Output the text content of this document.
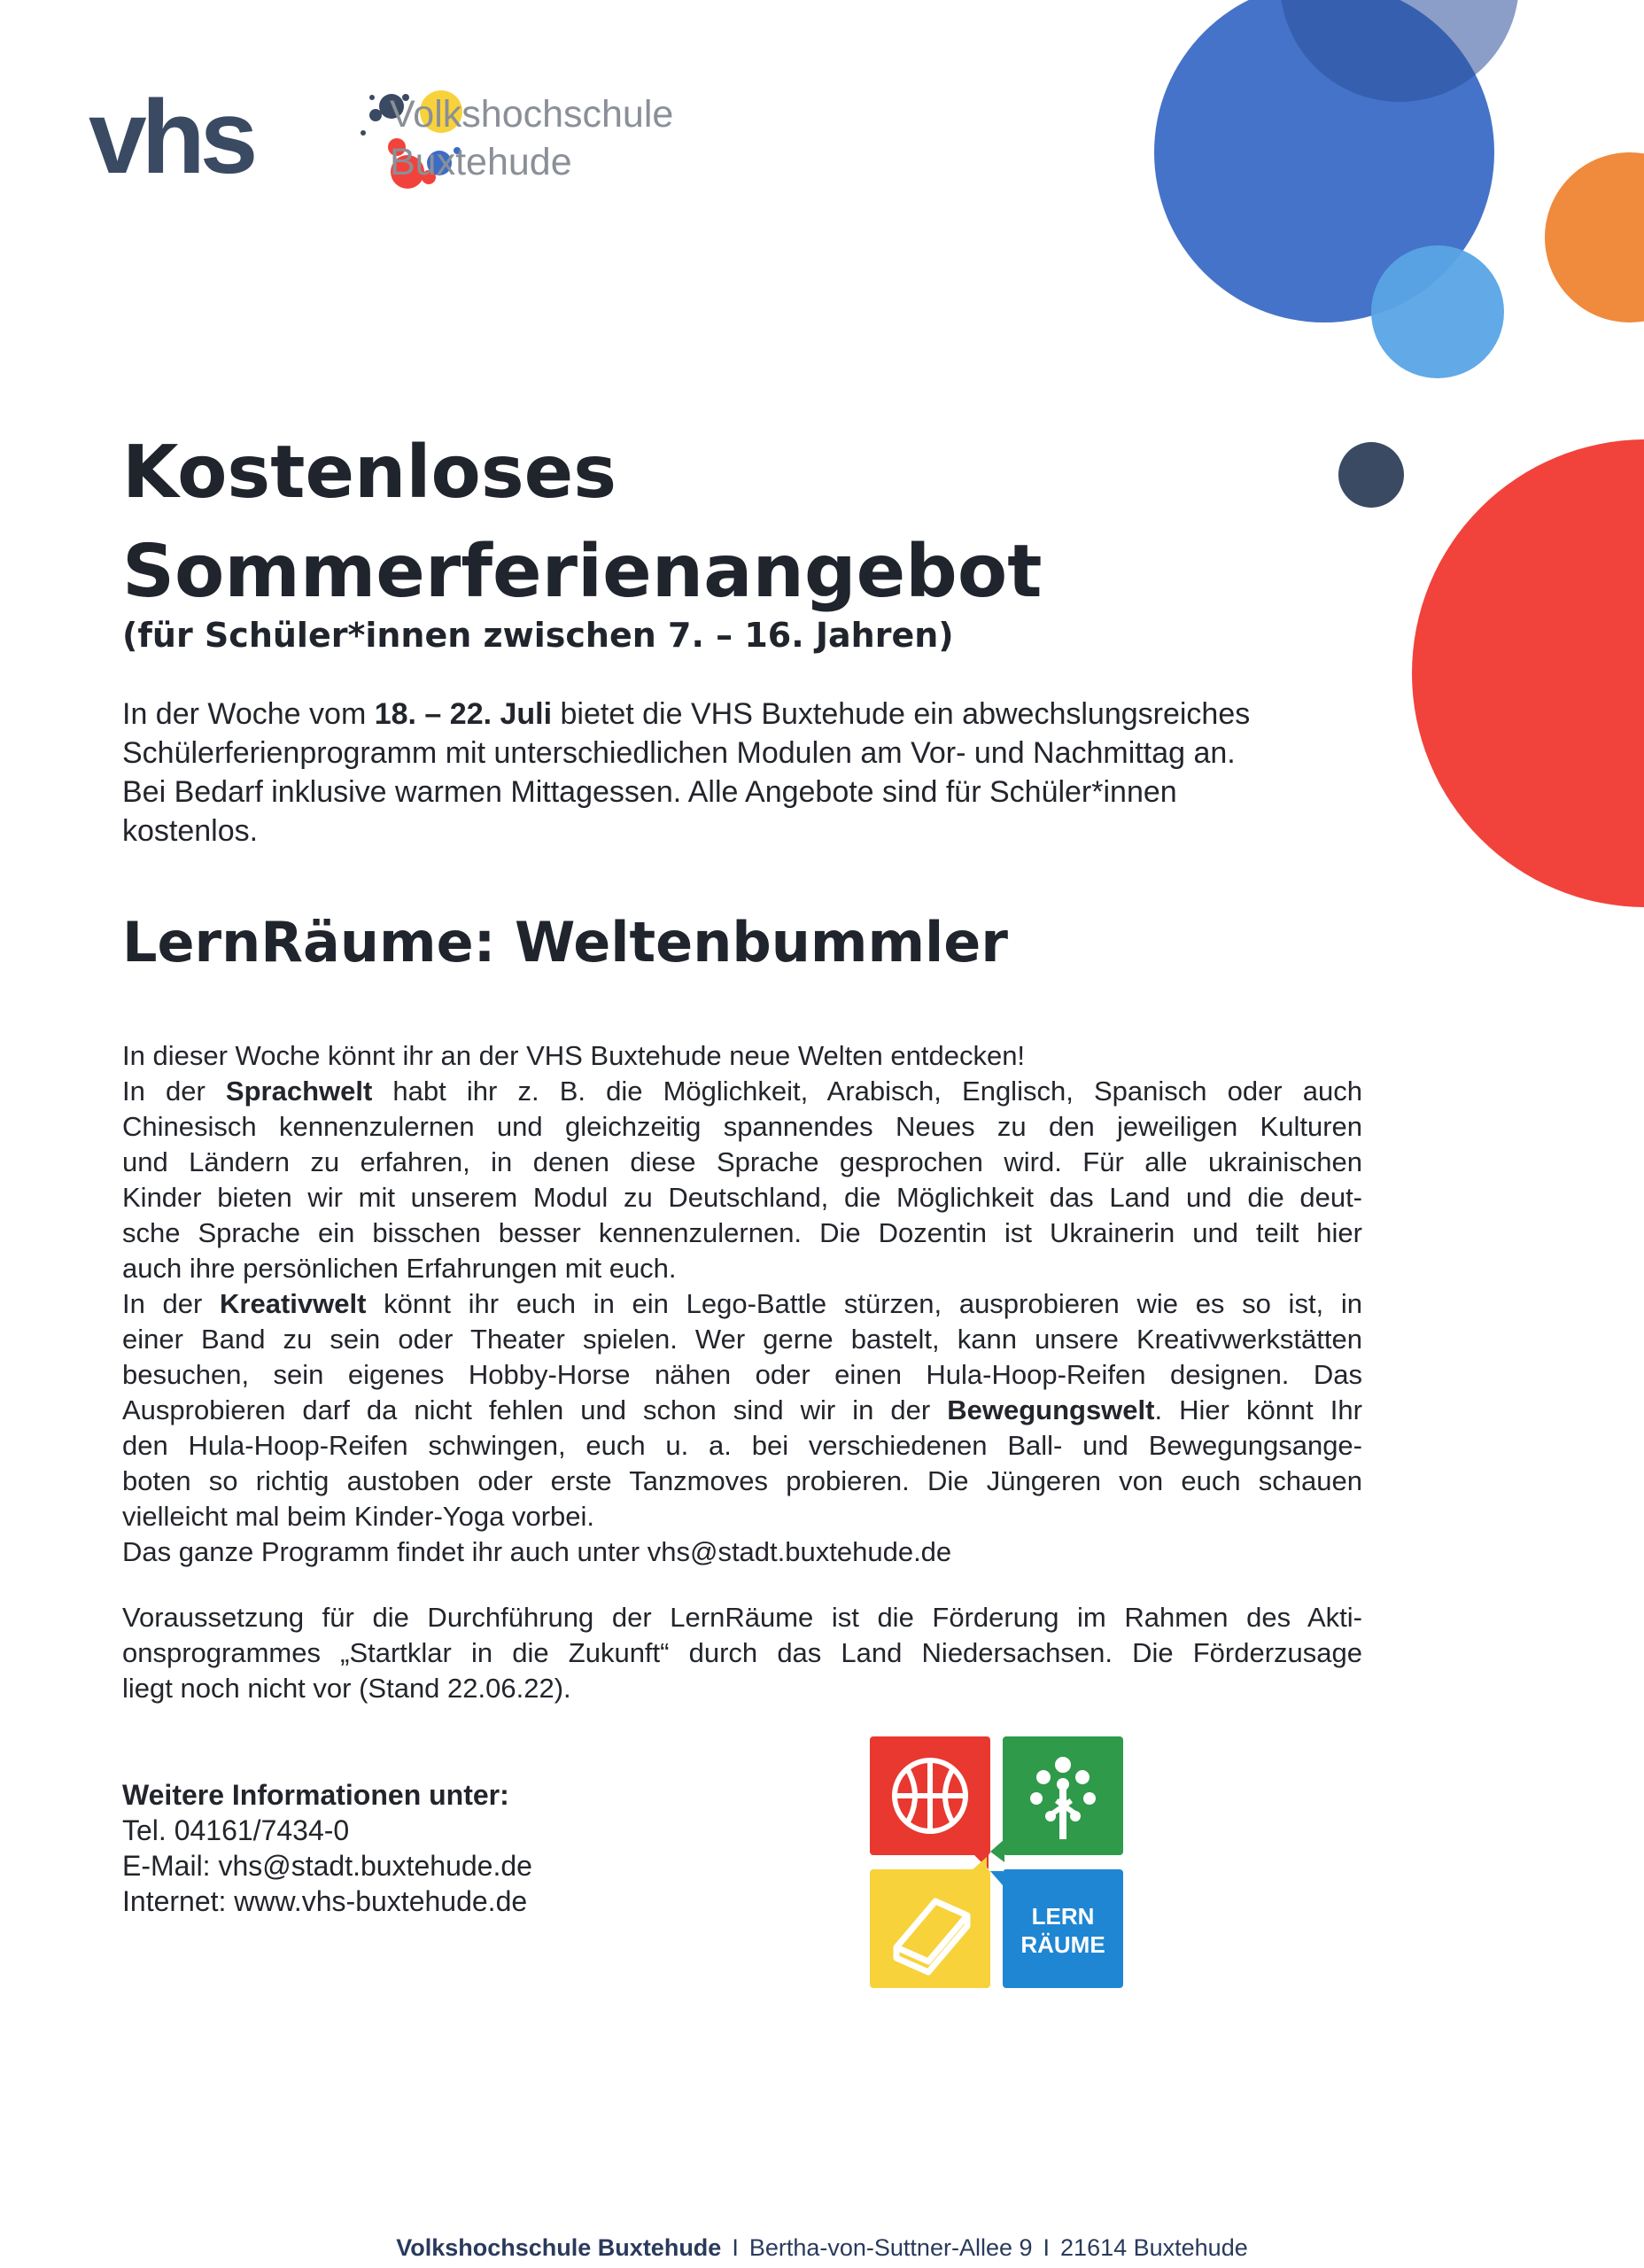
vhs	Volkshochschule
Buxtehude
Kostenloses
Sommerferienangebot

(für Schüler*innen zwischen 7. – 16. Jahren)

In der Woche vom 18. – 22. Juli bietet die VHS Buxtehude ein abwechslungsreiches
Schülerferienprogramm mit unterschiedlichen Modulen am Vor- und Nachmittag an.
Bei Bedarf inklusive warmen Mittagessen. Alle Angebote sind für Schüler*innen
kostenlos.

LernRäume: Weltenbummler

In dieser Woche könnt ihr an der VHS Buxtehude neue Welten entdecken!
In der Sprachwelt habt ihr z. B. die Möglichkeit, Arabisch, Englisch, Spanisch oder auch
Chinesisch kennenzulernen und gleichzeitig spannendes Neues zu den jeweiligen Kulturen
und Ländern zu erfahren, in denen diese Sprache gesprochen wird. Für alle ukrainischen
Kinder bieten wir mit unserem Modul zu Deutschland, die Möglichkeit das Land und die deut-
sche Sprache ein bisschen besser kennenzulernen. Die Dozentin ist Ukrainerin und teilt hier
auch ihre persönlichen Erfahrungen mit euch.
In der Kreativwelt könnt ihr euch in ein Lego-Battle stürzen, ausprobieren wie es so ist, in
einer Band zu sein oder Theater spielen. Wer gerne bastelt, kann unsere Kreativwerkstätten
besuchen, sein eigenes Hobby-Horse nähen oder einen Hula-Hoop-Reifen designen. Das
Ausprobieren darf da nicht fehlen und schon sind wir in der Bewegungswelt. Hier könnt Ihr
den Hula-Hoop-Reifen schwingen, euch u. a. bei verschiedenen Ball- und Bewegungsange-
boten so richtig austoben oder erste Tanzmoves probieren. Die Jüngeren von euch schauen
vielleicht mal beim Kinder-Yoga vorbei.
Das ganze Programm findet ihr auch unter vhs@stadt.buxtehude.de

Voraussetzung für die Durchführung der LernRäume ist die Förderung im Rahmen des Akti-
onsprogrammes „Startklar in die Zukunft“ durch das Land Niedersachsen. Die Förderzusage
liegt noch nicht vor (Stand 22.06.22).

Weitere Informationen unter:
Tel. 04161/7434-0
E-Mail: vhs@stadt.buxtehude.de
Internet: www.vhs-buxtehude.de	LERN
RÄUME
Volkshochschule Buxtehude I Bertha-von-Suttner-Allee 9 I 21614 Buxtehude
